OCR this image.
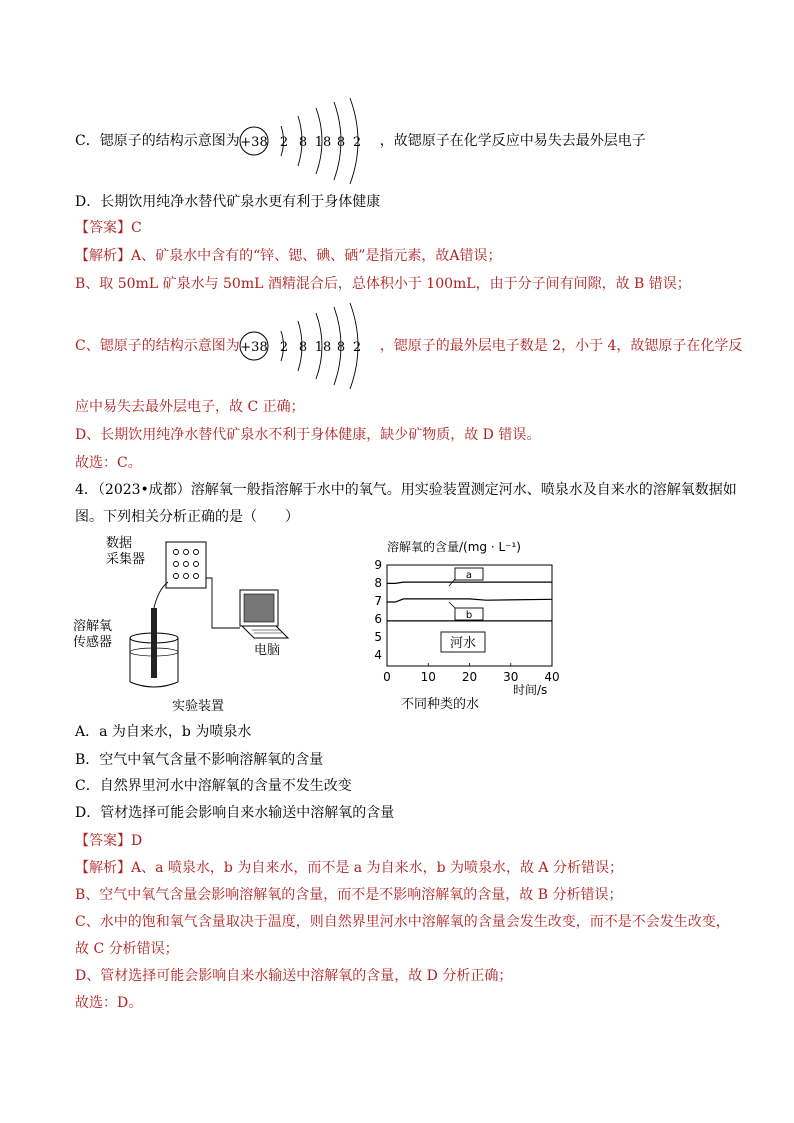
C．锶原子的结构示意图为	，故锶原子在化学反应中易失去最外层电子
+38 2 8 18 8 2
D．长期饮用纯净水替代矿泉水更有利于身体健康
【答案】C
【解析】A、矿泉水中含有的“锌、锶、碘、硒”是指元素，故A错误；
B、取 50mL 矿泉水与 50mL 酒精混合后，总体积小于 100mL，由于分子间有间隙，故 B 错误；
C、锶原子的结构示意图为	，锶原子的最外层电子数是 2，小于 4，故锶原子在化学反
+38 2 8 18 8 2
应中易失去最外层电子，故 C 正确；
D、长期饮用纯净水替代矿泉水不利于身体健康，缺少矿物质，故 D 错误。
故选：C。
4．（2023•成都）溶解氧一般指溶解于水中的氧气。用实验装置测定河水、喷泉水及自来水的溶解氧数据如
图。下列相关分析正确的是（　　）
数据
采集器
电脑
溶解氧
传感器
实验装置
溶解氧的含量/(mg · L⁻¹)
4
5
6
7
8
9
0 10 20 30 40
a
b
河水
时间/s
不同种类的水
A．a 为自来水，b 为喷泉水
B．空气中氧气含量不影响溶解氧的含量
C．自然界里河水中溶解氧的含量不发生改变
D．管材选择可能会影响自来水输送中溶解氧的含量
【答案】D
【解析】A、a 喷泉水，b 为自来水，而不是 a 为自来水，b 为喷泉水，故 A 分析错误；
B、空气中氧气含量会影响溶解氧的含量，而不是不影响溶解氧的含量，故 B 分析错误；
C、水中的饱和氧气含量取决于温度，则自然界里河水中溶解氧的含量会发生改变，而不是不会发生改变，
故 C 分析错误；
D、管材选择可能会影响自来水输送中溶解氧的含量，故 D 分析正确；
故选：D。
